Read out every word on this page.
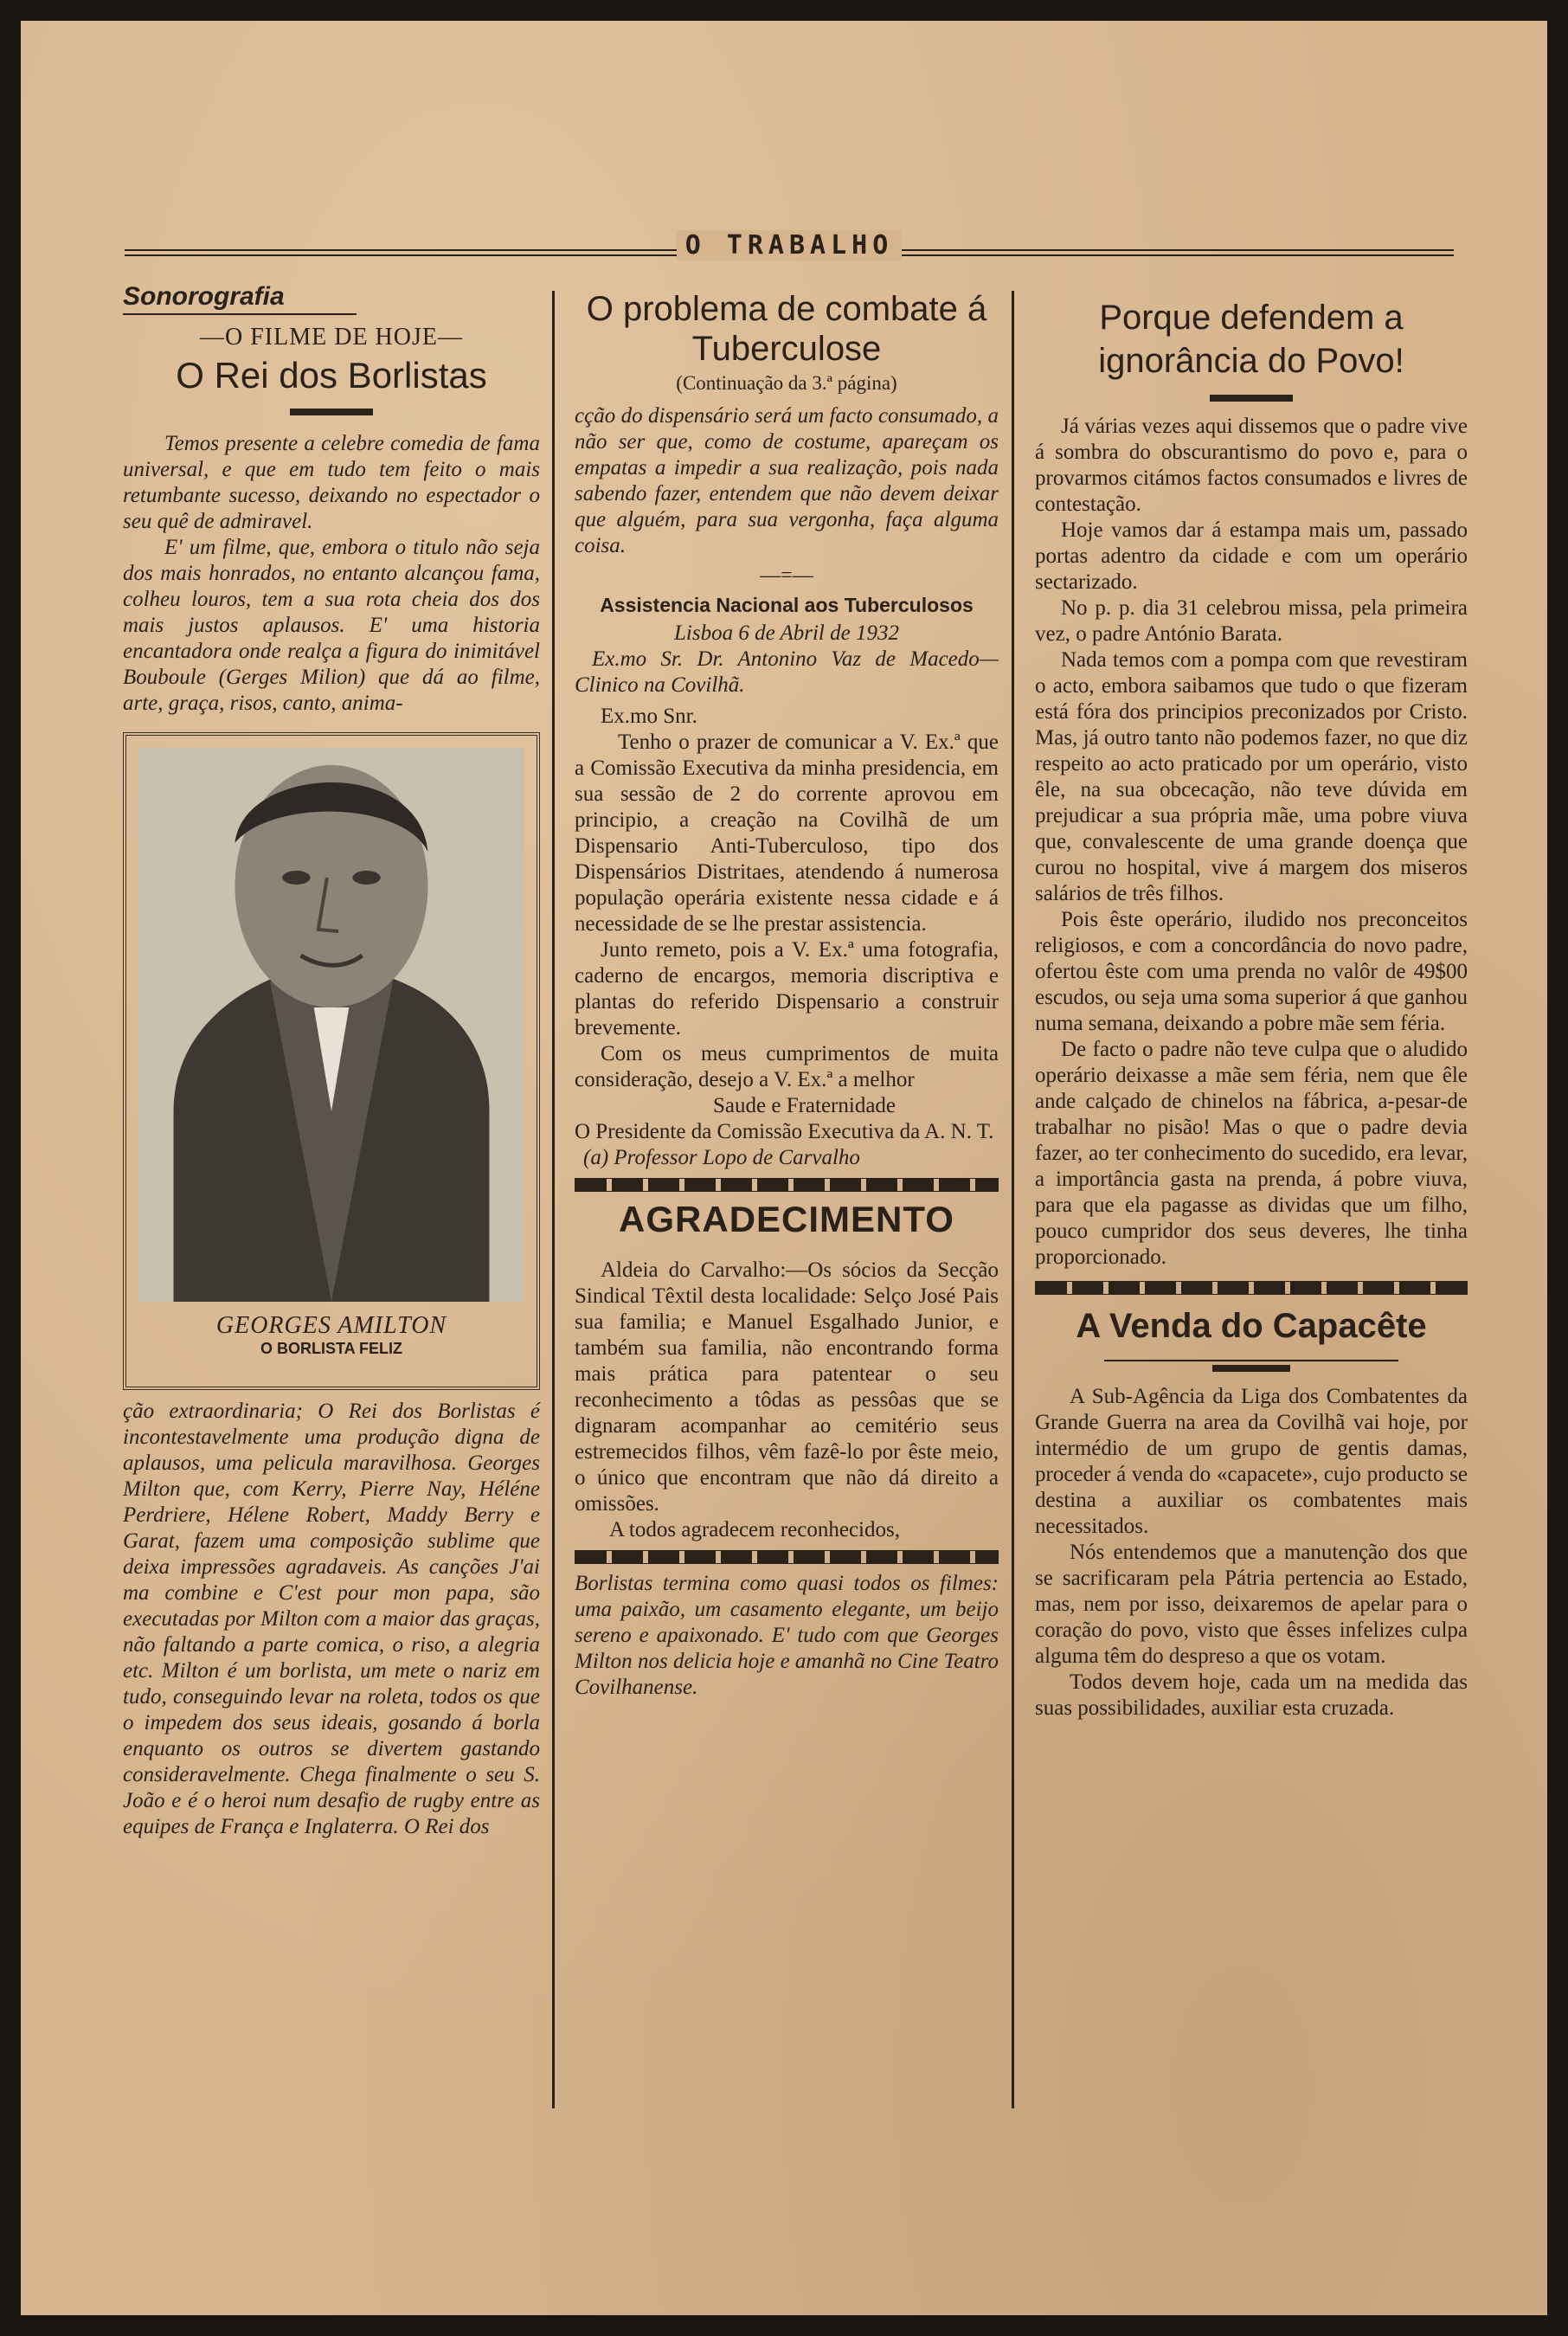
O TRABALHO
Sonorografia
—O FILME DE HOJE—
O Rei dos Borlistas

Temos presente a celebre comedia de fama universal, e que em tudo tem feito o mais retumbante sucesso, deixando no espectador o seu quê de admiravel.

E' um filme, que, embora o titulo não seja dos mais honrados, no entanto alcançou fama, colheu louros, tem a sua rota cheia dos dos mais justos aplausos. E' uma historia encantadora onde realça a figura do inimitável Bouboule (Gerges Milion) que dá ao filme, arte, graça, risos, canto, anima-

GEORGES AMILTON
O BORLISTA FELIZ

ção extraordinaria; O Rei dos Borlistas é incontestavelmente uma produção digna de aplausos, uma pelicula maravilhosa. Georges Milton que, com Kerry, Pierre Nay, Héléne Perdriere, Hélene Robert, Maddy Berry e Garat, fazem uma composição sublime que deixa impressões agradaveis. As canções J'ai ma combine e C'est pour mon papa, são executadas por Milton com a maior das graças, não faltando a parte comica, o riso, a alegria etc. Milton é um borlista, um mete o nariz em tudo, conseguindo levar na roleta, todos os que o impedem dos seus ideais, gosando á borla enquanto os outros se divertem gastando consideravelmente. Chega finalmente o seu S. João e é o heroi num desafio de rugby entre as equipes de França e Inglaterra. O Rei dos

O problema de combate á Tuberculose
(Continuação da 3.ª página)

cção do dispensário será um facto consumado, a não ser que, como de costume, apareçam os empatas a impedir a sua realização, pois nada sabendo fazer, entendem que não devem deixar que alguém, para sua vergonha, faça alguma coisa.

—=—
Assistencia Nacional aos Tuberculosos

Lisboa 6 de Abril de 1932

Ex.mo Sr. Dr. Antonino Vaz de Macedo—Clinico na Covilhã.

Ex.mo Snr.

Tenho o prazer de comunicar a V. Ex.ª que a Comissão Executiva da minha presidencia, em sua sessão de 2 do corrente aprovou em principio, a creação na Covilhã de um Dispensario Anti-Tuberculoso, tipo dos Dispensários Distritaes, atendendo á numerosa população operária existente nessa cidade e á necessidade de se lhe prestar assistencia.

Junto remeto, pois a V. Ex.ª uma fotografia, caderno de encargos, memoria discriptiva e plantas do referido Dispensario a construir brevemente.

Com os meus cumprimentos de muita consideração, desejo a V. Ex.ª a melhor

Saude e Fraternidade

O Presidente da Comissão Executiva da A. N. T.

(a) Professor Lopo de Carvalho

AGRADECIMENTO

Aldeia do Carvalho:—Os sócios da Secção Sindical Têxtil desta localidade: Selço José Pais sua familia; e Manuel Esgalhado Junior, e também sua familia, não encontrando forma mais prática para patentear o seu reconhecimento a tôdas as pessôas que se dignaram acompanhar ao cemitério seus estremecidos filhos, vêm fazê-lo por êste meio, o único que encontram que não dá direito a omissões.

A todos agradecem reconhecidos,

Borlistas termina como quasi todos os filmes: uma paixão, um casamento elegante, um beijo sereno e apaixonado. E' tudo com que Georges Milton nos delicia hoje e amanhã no Cine Teatro Covilhanense.

Porque defendem a ignorância do Povo!

Já várias vezes aqui dissemos que o padre vive á sombra do obscurantismo do povo e, para o provarmos citámos factos consumados e livres de contestação.

Hoje vamos dar á estampa mais um, passado portas adentro da cidade e com um operário sectarizado.

No p. p. dia 31 celebrou missa, pela primeira vez, o padre António Barata.

Nada temos com a pompa com que revestiram o acto, embora saibamos que tudo o que fizeram está fóra dos principios preconizados por Cristo. Mas, já outro tanto não podemos fazer, no que diz respeito ao acto praticado por um operário, visto êle, na sua obcecação, não teve dúvida em prejudicar a sua própria mãe, uma pobre viuva que, convalescente de uma grande doença que curou no hospital, vive á margem dos miseros salários de três filhos.

Pois êste operário, iludido nos preconceitos religiosos, e com a concordância do novo padre, ofertou êste com uma prenda no valôr de 49$00 escudos, ou seja uma soma superior á que ganhou numa semana, deixando a pobre mãe sem féria.

De facto o padre não teve culpa que o aludido operário deixasse a mãe sem féria, nem que êle ande calçado de chinelos na fábrica, a-pesar-de trabalhar no pisão! Mas o que o padre devia fazer, ao ter conhecimento do sucedido, era levar, a importância gasta na prenda, á pobre viuva, para que ela pagasse as dividas que um filho, pouco cumpridor dos seus deveres, lhe tinha proporcionado.

A Venda do Capacête

A Sub-Agência da Liga dos Combatentes da Grande Guerra na area da Covilhã vai hoje, por intermédio de um grupo de gentis damas, proceder á venda do «capacete», cujo producto se destina a auxiliar os combatentes mais necessitados.

Nós entendemos que a manutenção dos que se sacrificaram pela Pátria pertencia ao Estado, mas, nem por isso, deixaremos de apelar para o coração do povo, visto que êsses infelizes culpa alguma têm do despreso a que os votam.

Todos devem hoje, cada um na medida das suas possibilidades, auxiliar esta cruzada.
